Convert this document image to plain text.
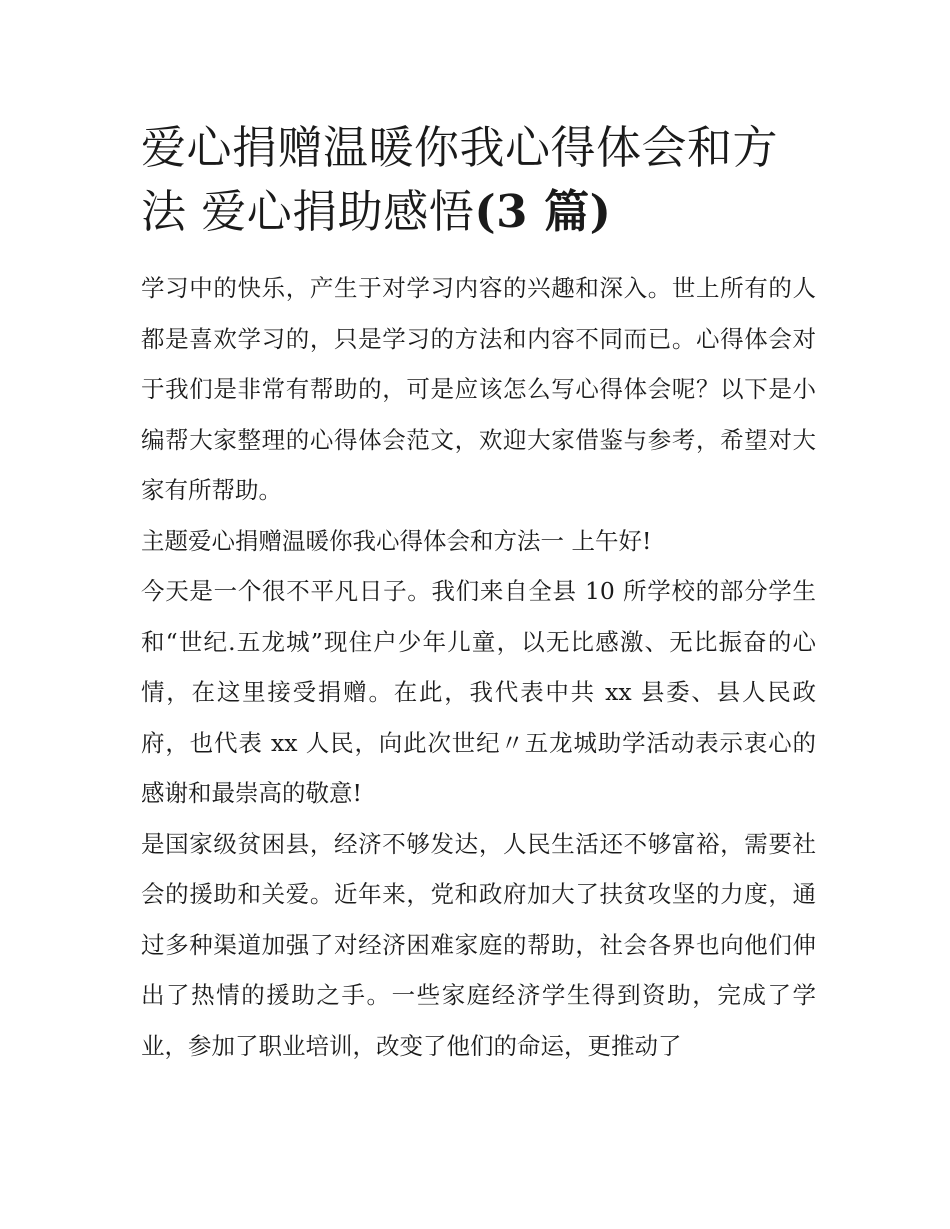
爱心捐赠温暖你我心得体会和方法 爱心捐助感悟(3 篇)

学习中的快乐，产生于对学习内容的兴趣和深入。世上所有的人都是喜欢学习的，只是学习的方法和内容不同而已。心得体会对于我们是非常有帮助的，可是应该怎么写心得体会呢？以下是小编帮大家整理的心得体会范文，欢迎大家借鉴与参考，希望对大家有所帮助。

主题爱心捐赠温暖你我心得体会和方法一 上午好!

今天是一个很不平凡日子。我们来自全县 10 所学校的部分学生和“世纪.五龙城”现住户少年儿童，以无比感激、无比振奋的心情，在这里接受捐赠。在此，我代表中共 xx 县委、县人民政府，也代表 xx 人民，向此次世纪〃五龙城助学活动表示衷心的感谢和最崇高的敬意!

是国家级贫困县，经济不够发达，人民生活还不够富裕，需要社会的援助和关爱。近年来，党和政府加大了扶贫攻坚的力度，通过多种渠道加强了对经济困难家庭的帮助，社会各界也向他们伸出了热情的援助之手。一些家庭经济学生得到资助，完成了学业，参加了职业培训，改变了他们的命运，更推动了
